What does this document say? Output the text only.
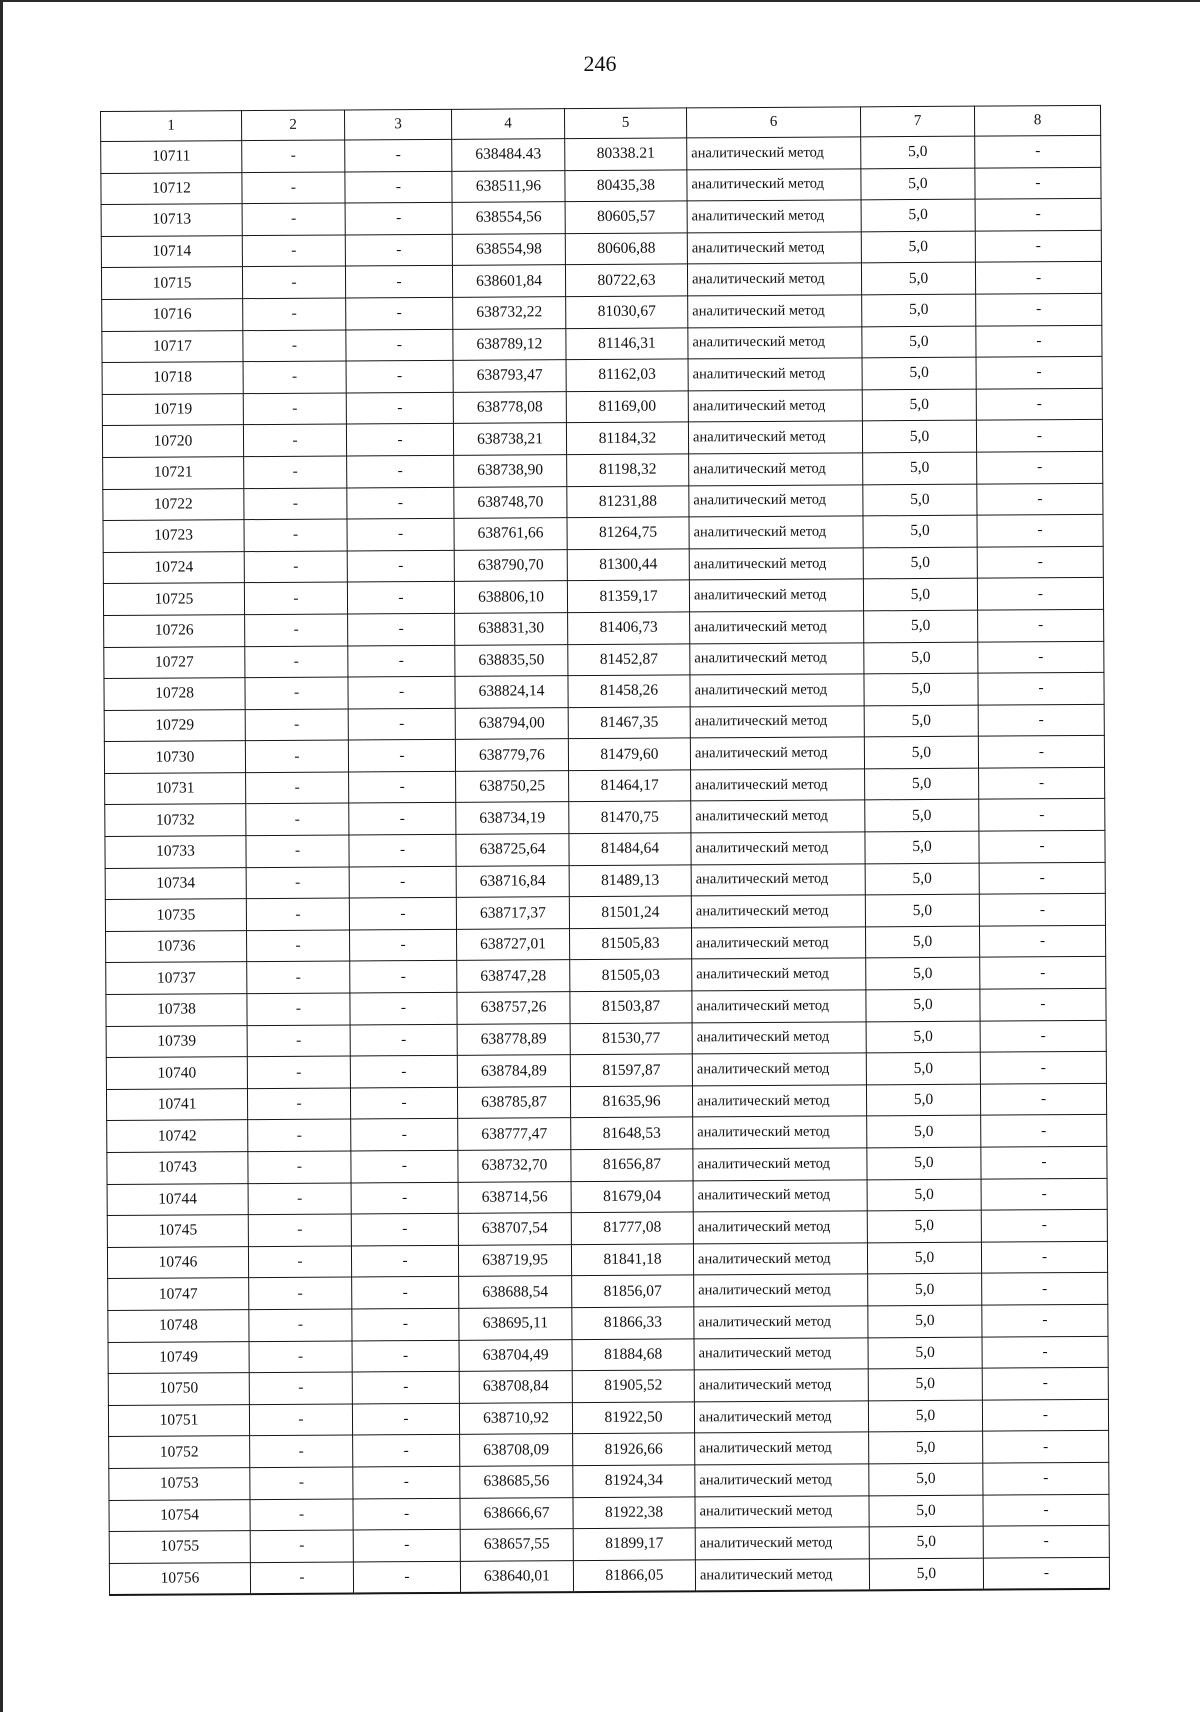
246
1	2	3	4	5	6	7	8
10711	-	-	638484.43	80338.21	аналитический метод	5,0	-
10712	-	-	638511,96	80435,38	аналитический метод	5,0	-
10713	-	-	638554,56	80605,57	аналитический метод	5,0	-
10714	-	-	638554,98	80606,88	аналитический метод	5,0	-
10715	-	-	638601,84	80722,63	аналитический метод	5,0	-
10716	-	-	638732,22	81030,67	аналитический метод	5,0	-
10717	-	-	638789,12	81146,31	аналитический метод	5,0	-
10718	-	-	638793,47	81162,03	аналитический метод	5,0	-
10719	-	-	638778,08	81169,00	аналитический метод	5,0	-
10720	-	-	638738,21	81184,32	аналитический метод	5,0	-
10721	-	-	638738,90	81198,32	аналитический метод	5,0	-
10722	-	-	638748,70	81231,88	аналитический метод	5,0	-
10723	-	-	638761,66	81264,75	аналитический метод	5,0	-
10724	-	-	638790,70	81300,44	аналитический метод	5,0	-
10725	-	-	638806,10	81359,17	аналитический метод	5,0	-
10726	-	-	638831,30	81406,73	аналитический метод	5,0	-
10727	-	-	638835,50	81452,87	аналитический метод	5,0	-
10728	-	-	638824,14	81458,26	аналитический метод	5,0	-
10729	-	-	638794,00	81467,35	аналитический метод	5,0	-
10730	-	-	638779,76	81479,60	аналитический метод	5,0	-
10731	-	-	638750,25	81464,17	аналитический метод	5,0	-
10732	-	-	638734,19	81470,75	аналитический метод	5,0	-
10733	-	-	638725,64	81484,64	аналитический метод	5,0	-
10734	-	-	638716,84	81489,13	аналитический метод	5,0	-
10735	-	-	638717,37	81501,24	аналитический метод	5,0	-
10736	-	-	638727,01	81505,83	аналитический метод	5,0	-
10737	-	-	638747,28	81505,03	аналитический метод	5,0	-
10738	-	-	638757,26	81503,87	аналитический метод	5,0	-
10739	-	-	638778,89	81530,77	аналитический метод	5,0	-
10740	-	-	638784,89	81597,87	аналитический метод	5,0	-
10741	-	-	638785,87	81635,96	аналитический метод	5,0	-
10742	-	-	638777,47	81648,53	аналитический метод	5,0	-
10743	-	-	638732,70	81656,87	аналитический метод	5,0	-
10744	-	-	638714,56	81679,04	аналитический метод	5,0	-
10745	-	-	638707,54	81777,08	аналитический метод	5,0	-
10746	-	-	638719,95	81841,18	аналитический метод	5,0	-
10747	-	-	638688,54	81856,07	аналитический метод	5,0	-
10748	-	-	638695,11	81866,33	аналитический метод	5,0	-
10749	-	-	638704,49	81884,68	аналитический метод	5,0	-
10750	-	-	638708,84	81905,52	аналитический метод	5,0	-
10751	-	-	638710,92	81922,50	аналитический метод	5,0	-
10752	-	-	638708,09	81926,66	аналитический метод	5,0	-
10753	-	-	638685,56	81924,34	аналитический метод	5,0	-
10754	-	-	638666,67	81922,38	аналитический метод	5,0	-
10755	-	-	638657,55	81899,17	аналитический метод	5,0	-
10756	-	-	638640,01	81866,05	аналитический метод	5,0	-
